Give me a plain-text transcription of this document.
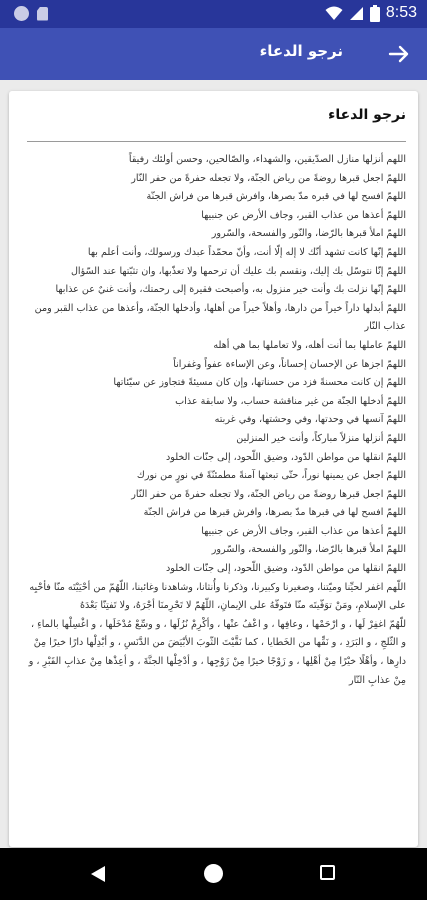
8:53
نرجو الدعاء
نرجو الدعاء

اللهم أنزلها منازل الصدّيقين، والشهداء، والصّالحين، وحسن أولئك رفيقاً

اللهمّ اجعل قبرها روضةً من رياض الجنّة، ولا تجعله حفرةً من حفر النّار

اللهمّ افسح لها في قبره مدّ بصرها، وافرش قبرها من فراش الجنّة

اللهمّ أعذها من عذاب القبر، وجاف الأرض عن جنبيها

اللهمّ املأ قبرها بالرّضا، والنّور والفسحة، والسّرور

اللهمّ إنّها كانت تشهد أنّك لا إله إلّا أنت، وأنّ محمّداً عبدك ورسولك، وأنت أعلم بها

اللهمّ إنّا نتوسّل بك إليك، ونقسم بك عليك أن ترحمها ولا تعذّبها، وان تثبّتها عند السّؤال

اللهمّ إنّها نزلت بك وأنت خير منزول به، وأصبحت فقيرة إلى رحمتك، وأنت غنيٌ عن عذابها

اللهمّ أبدلها داراً خيراً من دارها، وأهلاً خيراً من أهلها، وأدخلها الجنّة، وأعذها من عذاب القبر ومن عذاب النّار

اللهمّ عاملها بما أنت أهله، ولا تعاملها بما هي أهله

اللهمّ اجزها عن الإحسان إحساناً، وعن الإساءة عفواً وغفراناً

اللهمّ إن كانت محسنةً فزد من حسناتها، وإن كان مسيئةً فتجاوز عن سيّئاتها

اللهمّ أدخلها الجنّة من غير مناقشة حساب، ولا سابقة عذاب

اللهمّ آنسها في وحدتها، وفي وحشتها، وفي غربته

اللهمّ أنزلها منزلاً مباركاً، وأنت خير المنزلين

اللهمّ انقلها من مواطن الدّود، وضيق اللّحود، إلى جنّات الخلود

اللهمّ اجعل عن يمينها نوراً، حتّى تبعثها آمنةً مطمئنّةً في نورٍ من نورك

اللهمّ اجعل قبرها روضةً من رياض الجنّة، ولا تجعله حفرةً من حفر النّار

اللهمّ افسح لها في قبرها مدّ بصرها، وافرش قبرها من فراش الجنّة

اللهمّ أعذها من عذاب القبر، وجاف الأرض عن جنبيها

اللهمّ املأ قبرها بالرّضا، والنّور والفسحة، والسّرور

اللهمّ انقلها من مواطن الدّود، وضيق اللّحود، إلى جنّات الخلود

اللّهم اغفر لحيِّنا وميّتنا، وصغيرنا وكبيرنا، وذكرنا وأُنثانا، وشاهدنا وغائبنا، اللّهُمّ من أحْيَيْتَه منّا فأحْيِه على الإسلامِ، ومَنْ توَفّيتَه منّا فتَوفّهُ على الإيمانِ، اللّهُمّ لا تَحْرِمنَا أجْرَهُ، ولا تَفتِنّا بَعْدَهُ

للّهُمّ اغفِرْ لَها ، و ارْحَمْها ، وعافِها ، و اعْفُ عنْها ، وأكْرِمْ نُزُلَها ، و وسِّعْ مُدْخَلَها ، و اغْسِلْها بالماءِ ، و الثّلجِ ، و البَرَدِ ، و نَقِّها من الخَطايا ، كما نَقَّيْتَ الثّوبَ الأبْيَضَ من الدَّنَسِ ، و أبْدِلْها دارًا خيرًا مِنْ دارِها ، وأهْلًا خيْرًا مِنْ أهْلِها ، و زَوْجًا خيرًا مِنْ زَوْجِها ، و أدْخِلْها الجنَّةَ ، و أعِذْها مِنْ عذابِ القَبْرِ ، و مِنْ عذابِ النّار
